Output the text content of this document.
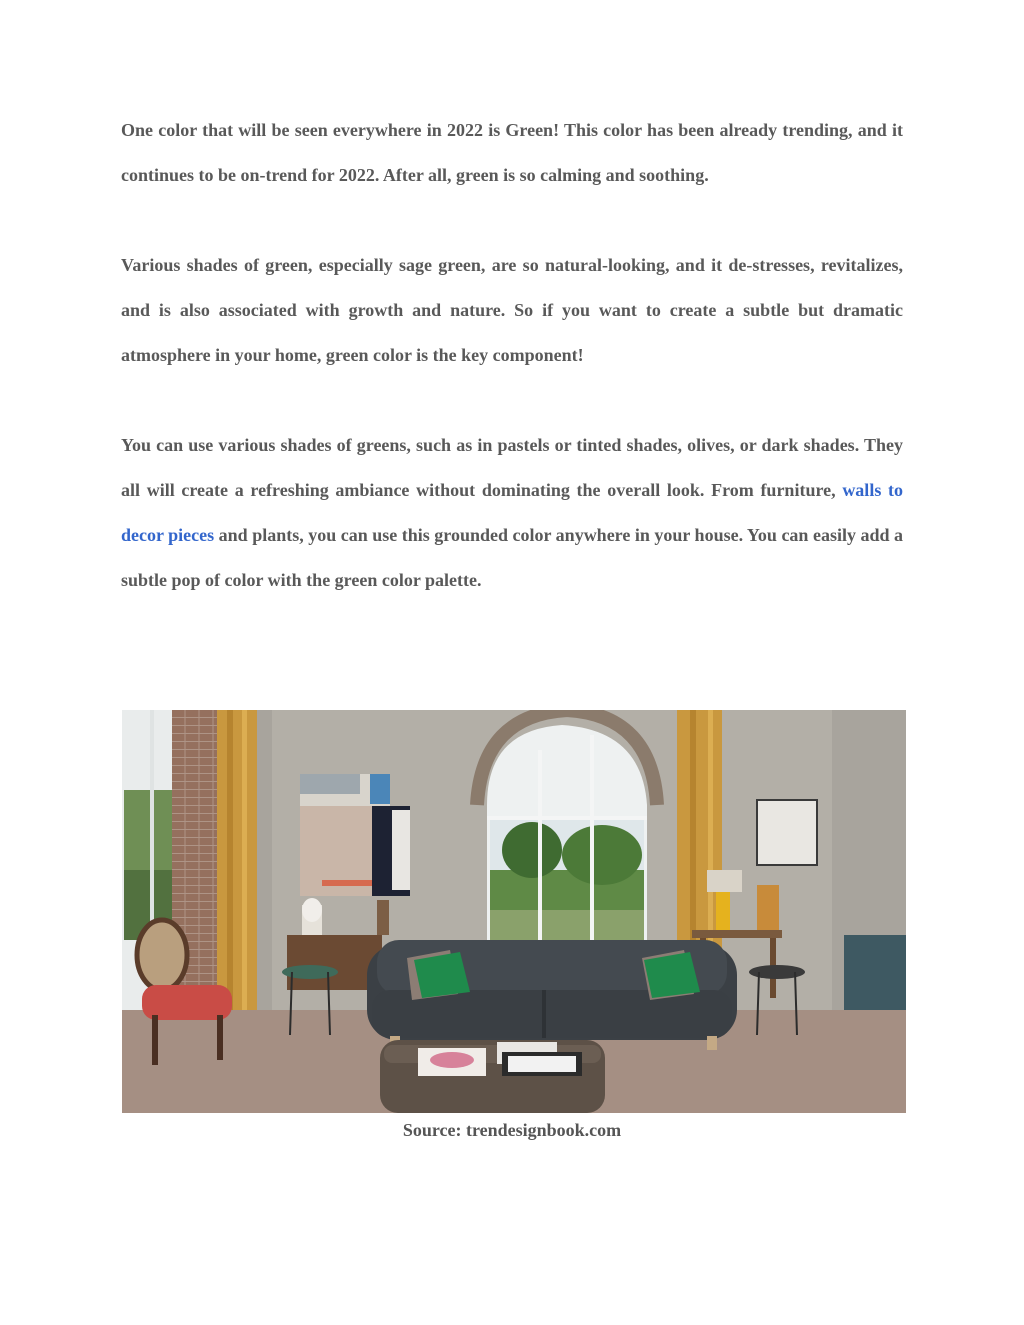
One color that will be seen everywhere in 2022 is Green! This color has been already trending, and it continues to be on-trend for 2022. After all, green is so calming and soothing.

Various shades of green, especially sage green, are so natural-looking, and it de-stresses, revitalizes, and is also associated with growth and nature. So if you want to create a subtle but dramatic atmosphere in your home, green color is the key component!

You can use various shades of greens, such as in pastels or tinted shades, olives, or dark shades. They all will create a refreshing ambiance without dominating the overall look. From furniture, walls to decor pieces and plants, you can use this grounded color anywhere in your house. You can easily add a subtle pop of color with the green color palette.

Source: trendesignbook.com
